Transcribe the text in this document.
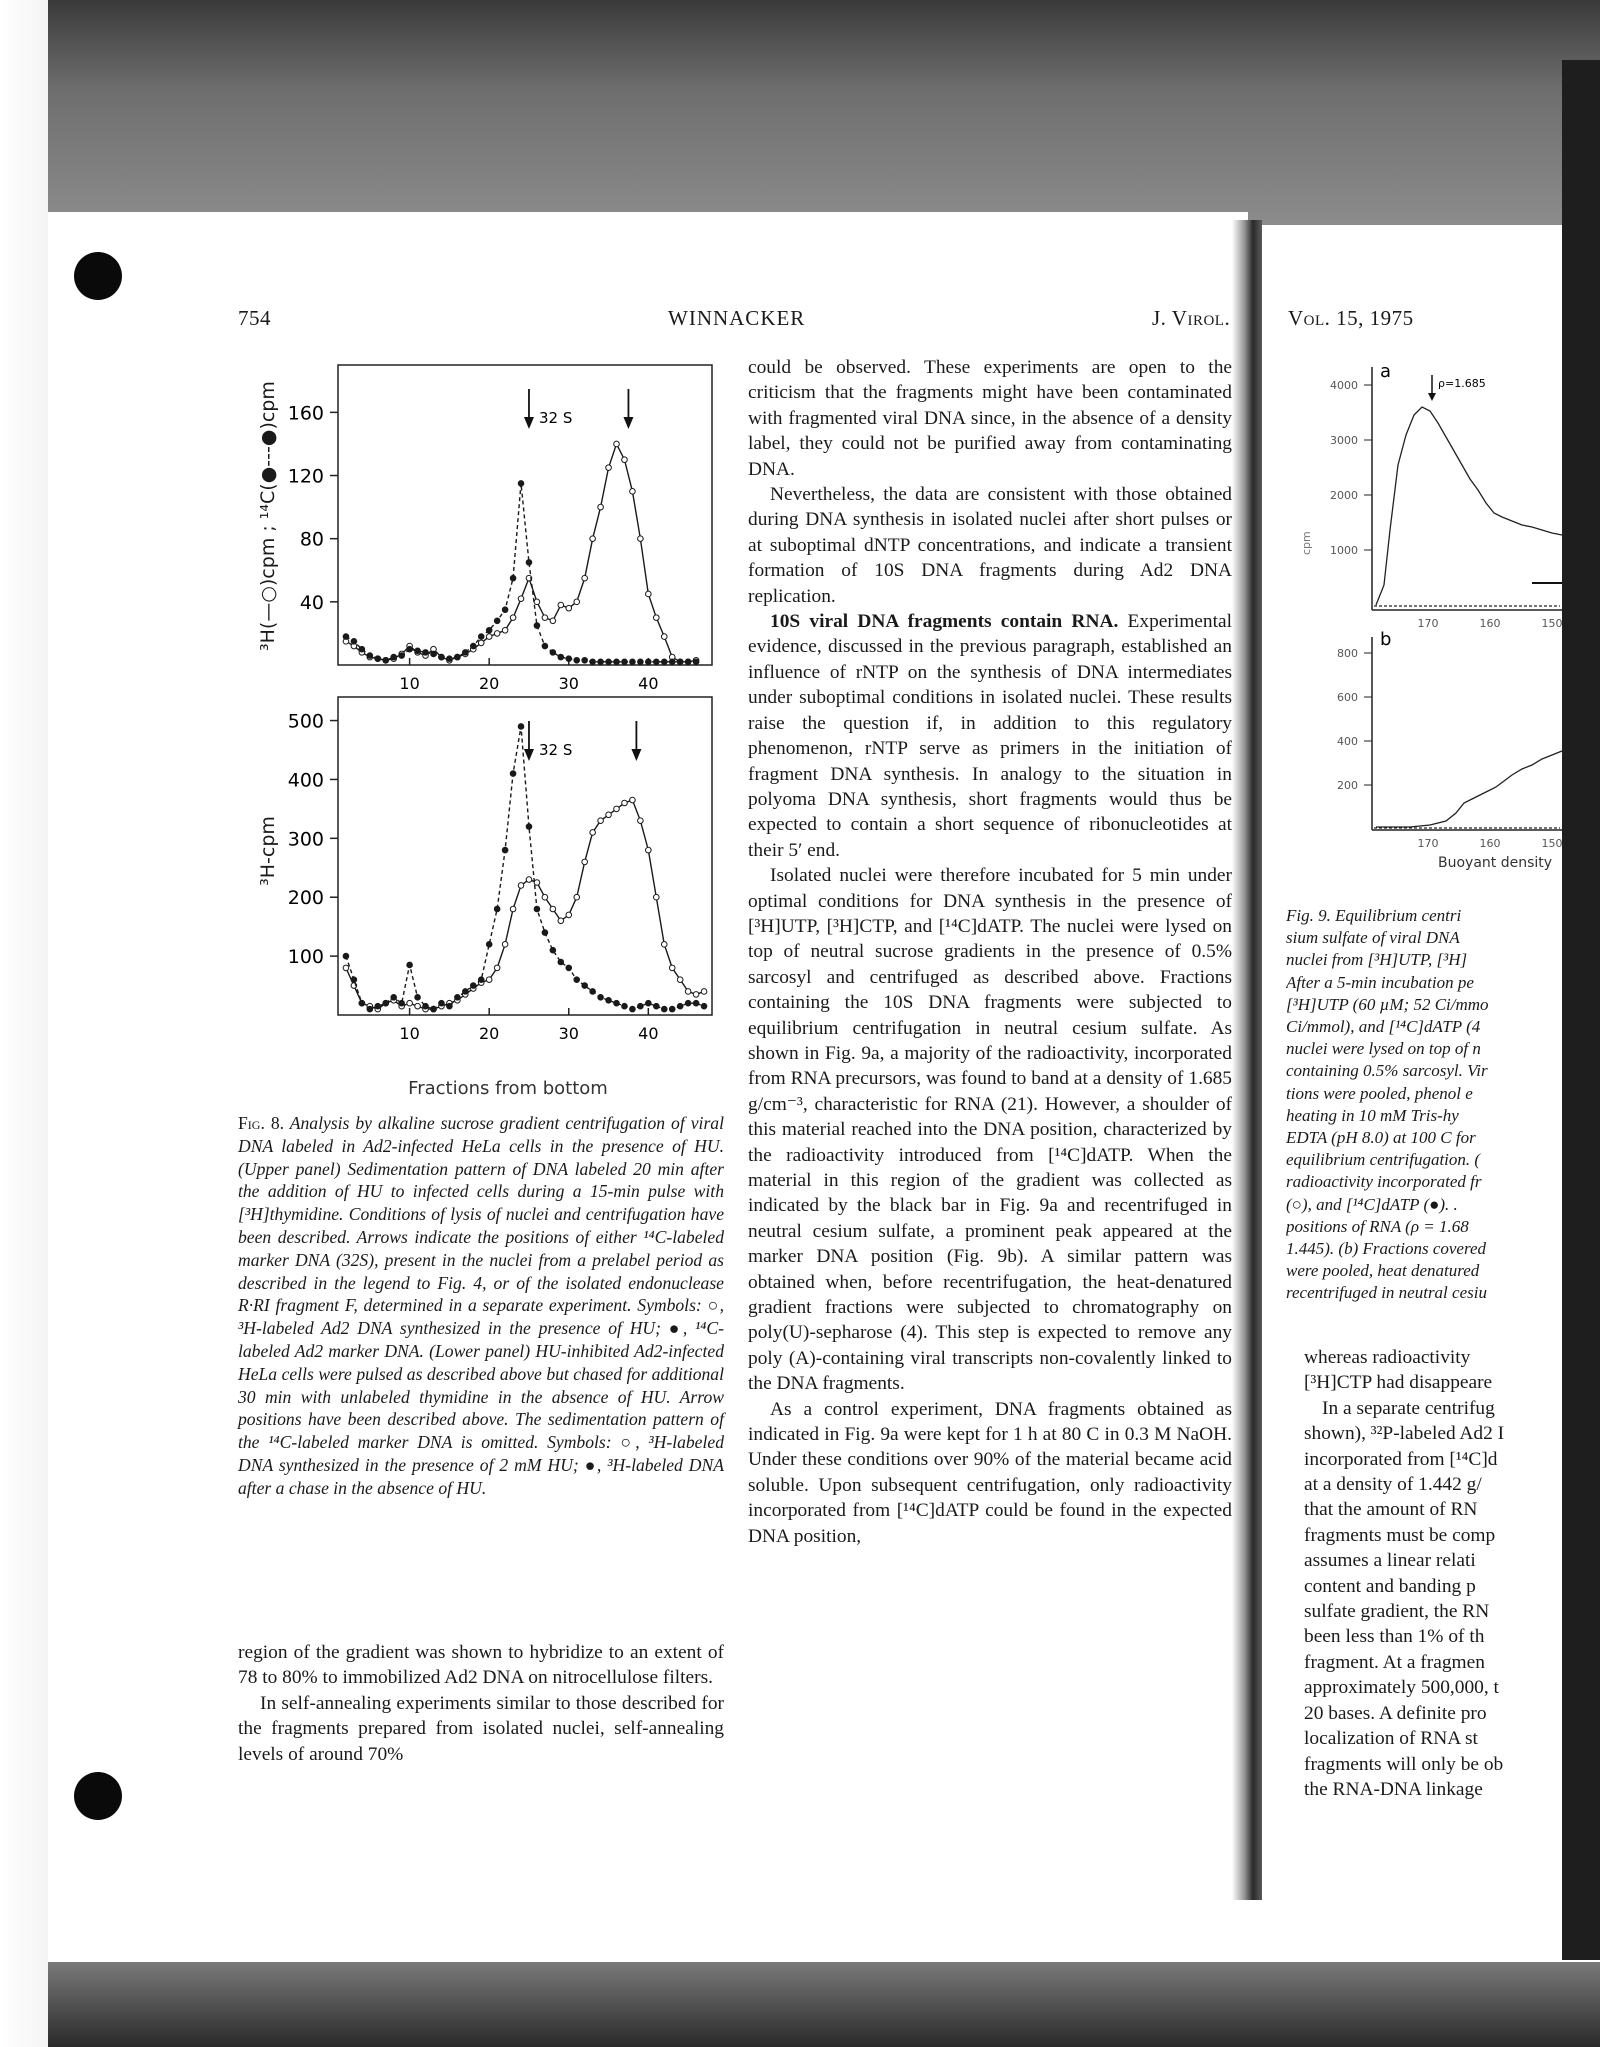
754	WINNACKER	J. Virol.	Vol. 15, 1975
40
80
120
160
10	20	30	40
32 S
100
200
300
400
500
10	20	30	40
32 S
³H(—○)cpm ; ¹⁴C(●---●)cpm
³H-cpm
Fractions from bottom
Fig. 8. Analysis by alkaline sucrose gradient centrifugation of viral DNA labeled in Ad2-infected HeLa cells in the presence of HU. (Upper panel) Sedimentation pattern of DNA labeled 20 min after the addition of HU to infected cells during a 15-min pulse with [³H]thymidine. Conditions of lysis of nuclei and centrifugation have been described. Arrows indicate the positions of either ¹⁴C-labeled marker DNA (32S), present in the nuclei from a prelabel period as described in the legend to Fig. 4, or of the isolated endonuclease R·RI fragment F, determined in a separate experiment. Symbols: ○, ³H-labeled Ad2 DNA synthesized in the presence of HU; ●, ¹⁴C-labeled Ad2 marker DNA. (Lower panel) HU-inhibited Ad2-infected HeLa cells were pulsed as described above but chased for additional 30 min with unlabeled thymidine in the absence of HU. Arrow positions have been described above. The sedimentation pattern of the ¹⁴C-labeled marker DNA is omitted. Symbols: ○, ³H-labeled DNA synthesized in the presence of 2 mM HU; ●, ³H-labeled DNA after a chase in the absence of HU.

region of the gradient was shown to hybridize to an extent of 78 to 80% to immobilized Ad2 DNA on nitrocellulose filters.

In self-annealing experiments similar to those described for the fragments prepared from isolated nuclei, self-annealing levels of around 70%

could be observed. These experiments are open to the criticism that the fragments might have been contaminated with fragmented viral DNA since, in the absence of a density label, they could not be purified away from contaminating DNA.

Nevertheless, the data are consistent with those obtained during DNA synthesis in isolated nuclei after short pulses or at suboptimal dNTP concentrations, and indicate a transient formation of 10S DNA fragments during Ad2 DNA replication.

10S viral DNA fragments contain RNA. Experimental evidence, discussed in the previous paragraph, established an influence of rNTP on the synthesis of DNA intermediates under suboptimal conditions in isolated nuclei. These results raise the question if, in addition to this regulatory phenomenon, rNTP serve as primers in the initiation of fragment DNA synthesis. In analogy to the situation in polyoma DNA synthesis, short fragments would thus be expected to contain a short sequence of ribonucleotides at their 5′ end.

Isolated nuclei were therefore incubated for 5 min under optimal conditions for DNA synthesis in the presence of [³H]UTP, [³H]CTP, and [¹⁴C]dATP. The nuclei were lysed on top of neutral sucrose gradients in the presence of 0.5% sarcosyl and centrifuged as described above. Fractions containing the 10S DNA fragments were subjected to equilibrium centrifugation in neutral cesium sulfate. As shown in Fig. 9a, a majority of the radioactivity, incorporated from RNA precursors, was found to band at a density of 1.685 g/cm⁻³, characteristic for RNA (21). However, a shoulder of this material reached into the DNA position, characterized by the radioactivity introduced from [¹⁴C]dATP. When the material in this region of the gradient was collected as indicated by the black bar in Fig. 9a and recentrifuged in neutral cesium sulfate, a prominent peak appeared at the marker DNA position (Fig. 9b). A similar pattern was obtained when, before recentrifugation, the heat-denatured gradient fractions were subjected to chromatography on poly(U)-sepharose (4). This step is expected to remove any poly (A)-containing viral transcripts non-covalently linked to the DNA fragments.

As a control experiment, DNA fragments obtained as indicated in Fig. 9a were kept for 1 h at 80 C in 0.3 M NaOH. Under these conditions over 90% of the material became acid soluble. Upon subsequent centrifugation, only radioactivity incorporated from [¹⁴C]dATP could be found in the expected DNA position,

a
b
ρ=1.685
cpm
4000
3000
2000
1000
800
600
400
200
170	160	150
170	160	150
Buoyant density
Fig. 9. Equilibrium centri
sium sulfate of viral DNA
nuclei from [³H]UTP, [³H]
After a 5-min incubation pe
[³H]UTP (60 µM; 52 Ci/mmo
Ci/mmol), and [¹⁴C]dATP (4
nuclei were lysed on top of n
containing 0.5% sarcosyl. Vir
tions were pooled, phenol e
heating in 10 mM Tris-hy
EDTA (pH 8.0) at 100 C for
equilibrium centrifugation. (
radioactivity incorporated fr
(○), and [¹⁴C]dATP (●). .
positions of RNA (ρ = 1.68
1.445). (b) Fractions covered
were pooled, heat denatured
recentrifuged in neutral cesiu
whereas radioactivity
[³H]CTP had disappeare
In a separate centrifug
shown), ³²P-labeled Ad2 I
incorporated from [¹⁴C]d
at a density of 1.442 g/
that the amount of RN
fragments must be comp
assumes a linear relati
content and banding p
sulfate gradient, the RN
been less than 1% of th
fragment. At a fragmen
approximately 500,000, t
20 bases. A definite pro
localization of RNA st
fragments will only be ob
the RNA-DNA linkage
